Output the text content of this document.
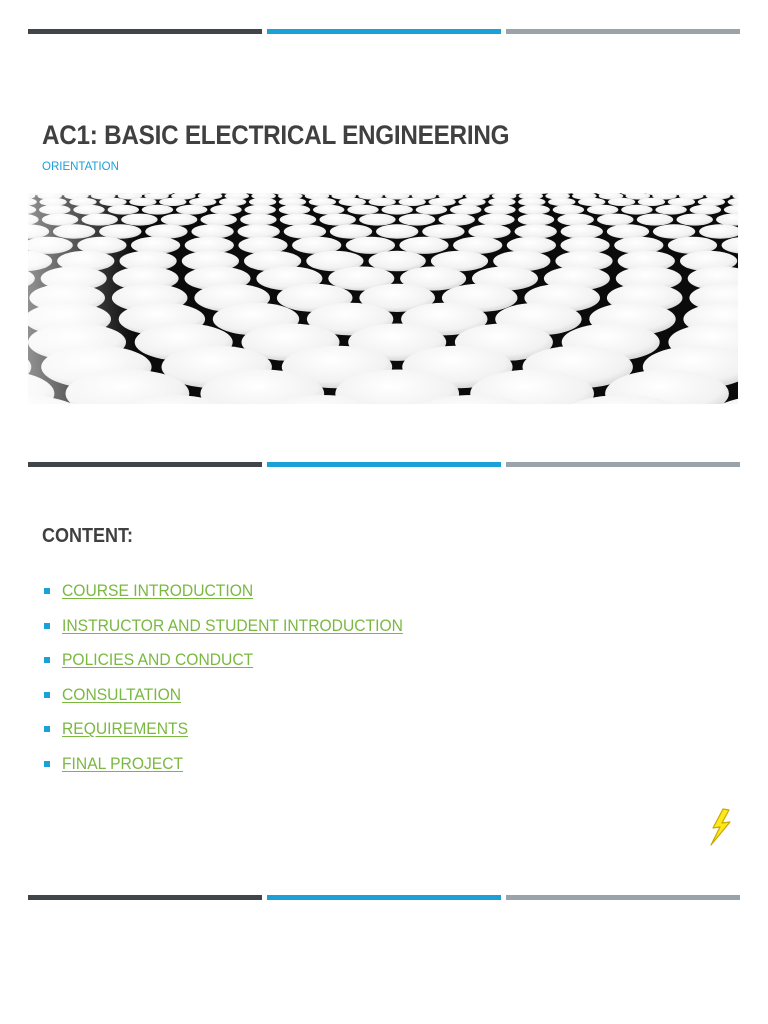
AC1: BASIC ELECTRICAL ENGINEERING

ORIENTATION

CONTENT:
COURSE INTRODUCTION
INSTRUCTOR AND STUDENT INTRODUCTION
POLICIES AND CONDUCT
CONSULTATION
REQUIREMENTS
FINAL PROJECT
